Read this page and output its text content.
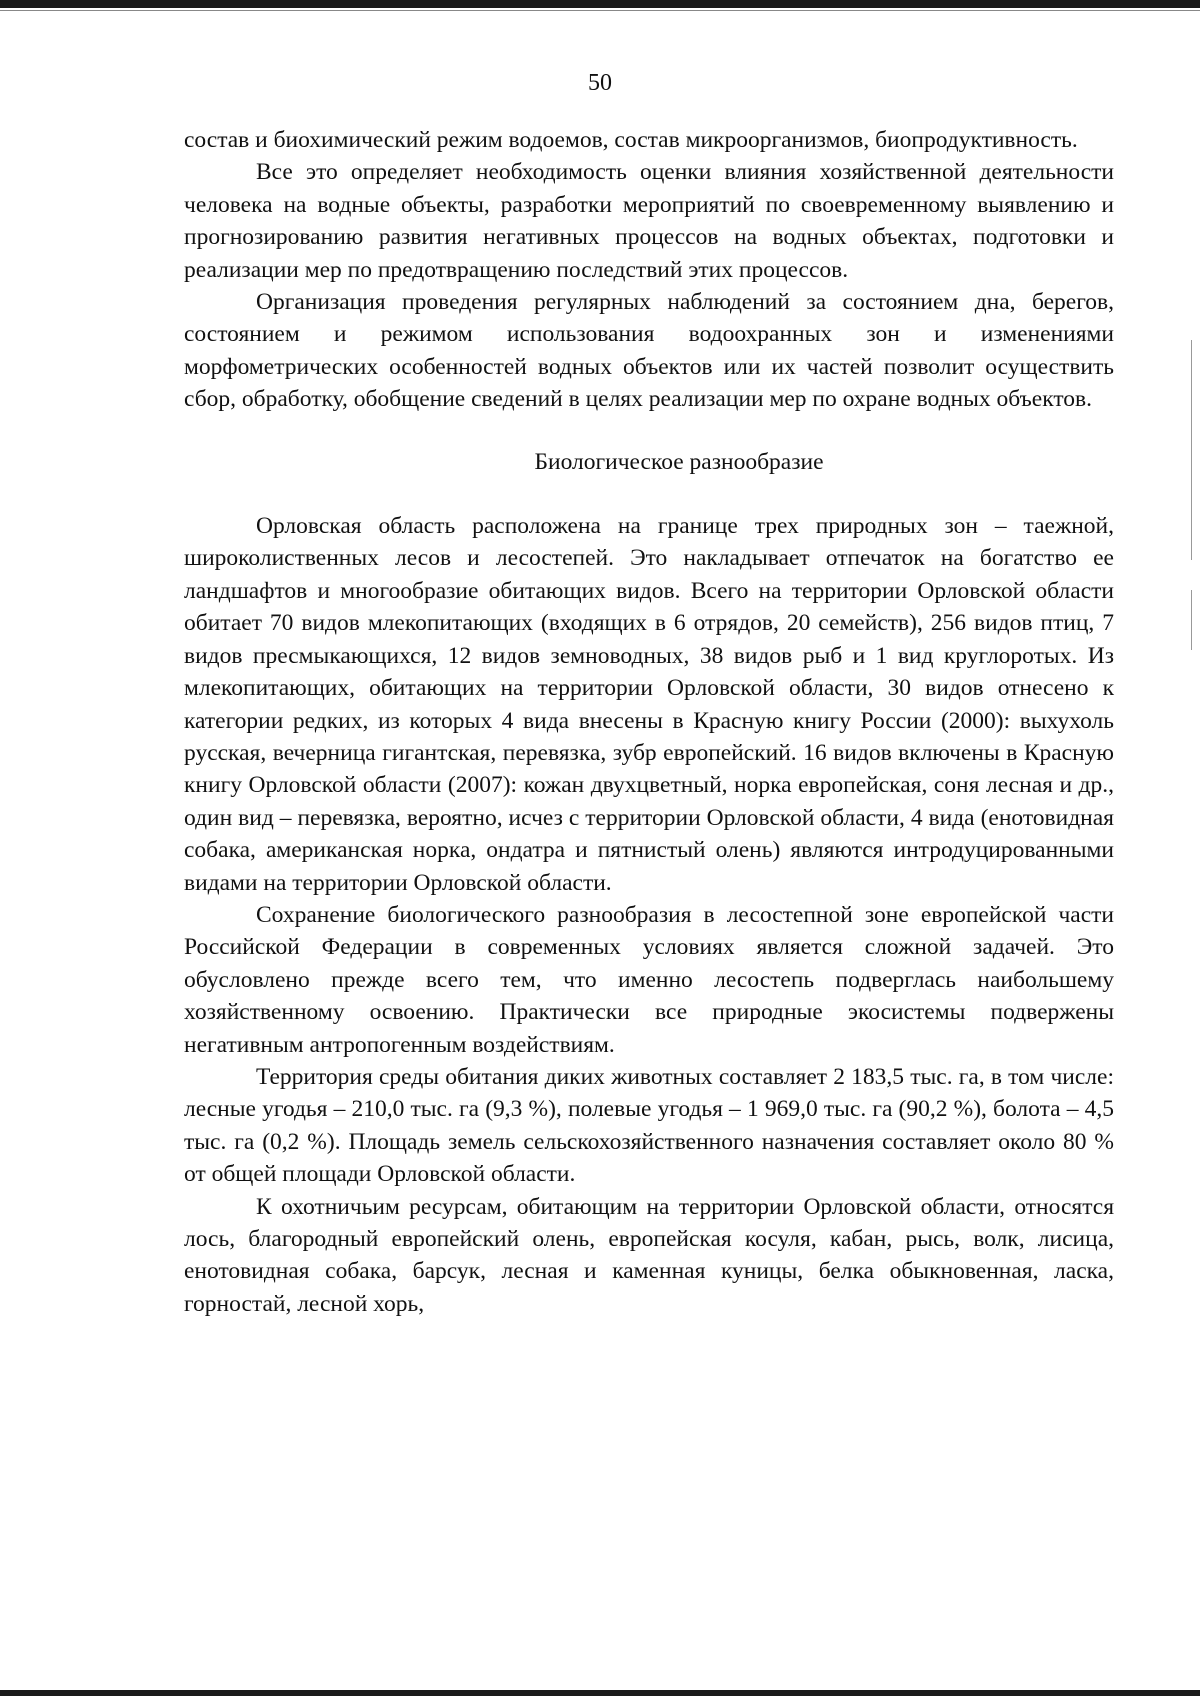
50

состав и биохимический режим водоемов, состав микроорганизмов, биопродуктивность.

Все это определяет необходимость оценки влияния хозяйственной деятельности человека на водные объекты, разработки мероприятий по своевременному выявлению и прогнозированию развития негативных процессов на водных объектах, подготовки и реализации мер по предотвращению последствий этих процессов.

Организация проведения регулярных наблюдений за состоянием дна, берегов, состоянием и режимом использования водоохранных зон и изменениями морфометрических особенностей водных объектов или их частей позволит осуществить сбор, обработку, обобщение сведений в целях реализации мер по охране водных объектов.

Биологическое разнообразие

Орловская область расположена на границе трех природных зон – таежной, широколиственных лесов и лесостепей. Это накладывает отпечаток на богатство ее ландшафтов и многообразие обитающих видов. Всего на территории Орловской области обитает 70 видов млекопитающих (входящих в 6 отрядов, 20 семейств), 256 видов птиц, 7 видов пресмыкающихся, 12 видов земноводных, 38 видов рыб и 1 вид круглоротых. Из млекопитающих, обитающих на территории Орловской области, 30 видов отнесено к категории редких, из которых 4 вида внесены в Красную книгу России (2000): выхухоль русская, вечерница гигантская, перевязка, зубр европейский. 16 видов включены в Красную книгу Орловской области (2007): кожан двухцветный, норка европейская, соня лесная и др., один вид – перевязка, вероятно, исчез с территории Орловской области, 4 вида (енотовидная собака, американская норка, ондатра и пятнистый олень) являются интродуцированными видами на территории Орловской области.

Сохранение биологического разнообразия в лесостепной зоне европейской части Российской Федерации в современных условиях является сложной задачей. Это обусловлено прежде всего тем, что именно лесостепь подверглась наибольшему хозяйственному освоению. Практически все природные экосистемы подвержены негативным антропогенным воздействиям.

Территория среды обитания диких животных составляет 2 183,5 тыс. га, в том числе: лесные угодья – 210,0 тыс. га (9,3 %), полевые угодья – 1 969,0 тыс. га (90,2 %), болота – 4,5 тыс. га (0,2 %). Площадь земель сельскохозяйственного назначения составляет около 80 % от общей площади Орловской области.

К охотничьим ресурсам, обитающим на территории Орловской области, относятся лось, благородный европейский олень, европейская косуля, кабан, рысь, волк, лисица, енотовидная собака, барсук, лесная и каменная куницы, белка обыкновенная, ласка, горностай, лесной хорь,
